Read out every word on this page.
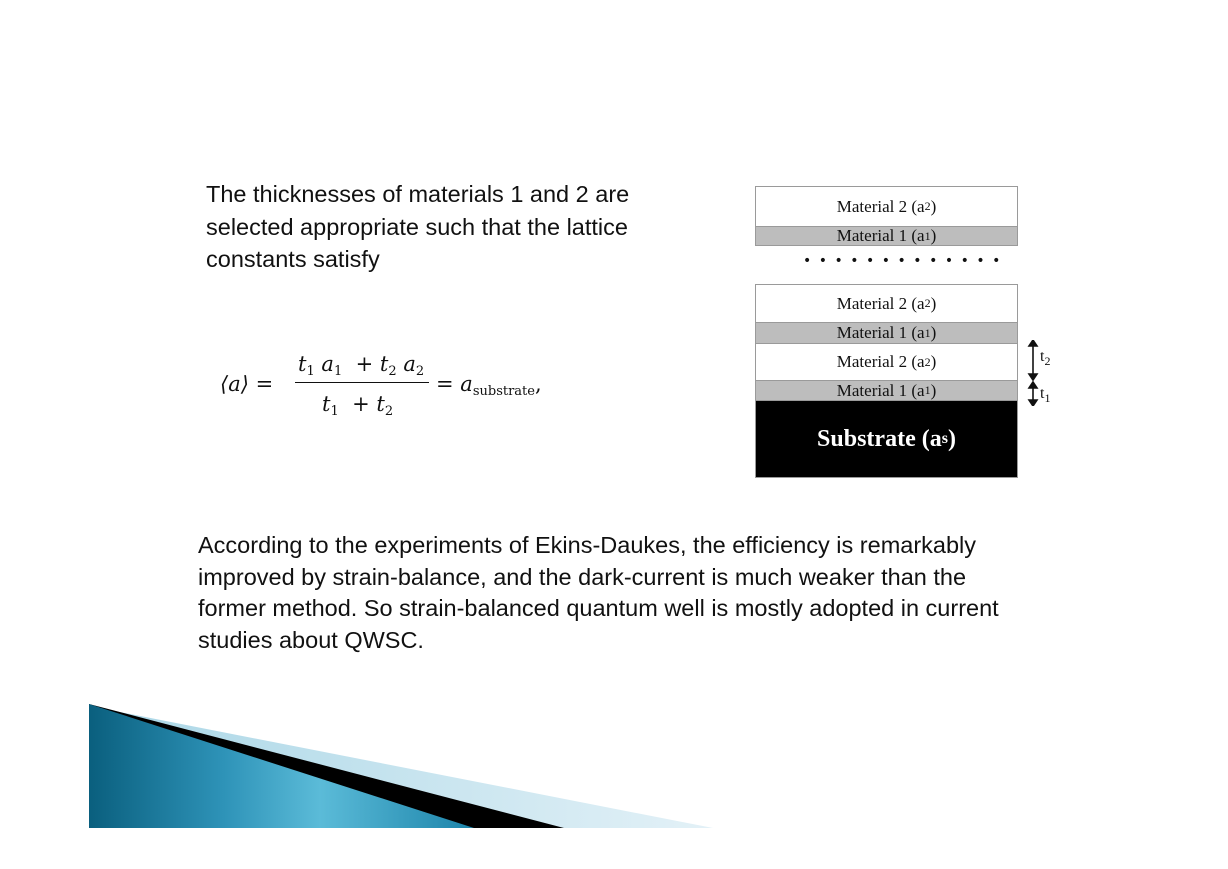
The thicknesses of materials 1 and 2 are selected appropriate such that the lattice constants satisfy

⟨a⟩ =
$t_1$ $a_1 + t_2$ $a_2$
$t_1 + t_2$
= $a_{substrate}$,
Material 2 (a 2 )
Material 1 (a 1 )
•••••••••••••
Material 2 (a 2 )
Material 1 (a 1 )
Material 2 (a 2 )
Material 1 (a 1 )
Substrate (a s )
$t_2$
$t_1$

According to the experiments of Ekins-Daukes, the efficiency is remarkably improved by strain-balance, and the dark-current is much weaker than the former method. So strain-balanced quantum well is mostly adopted in current studies about QWSC.
